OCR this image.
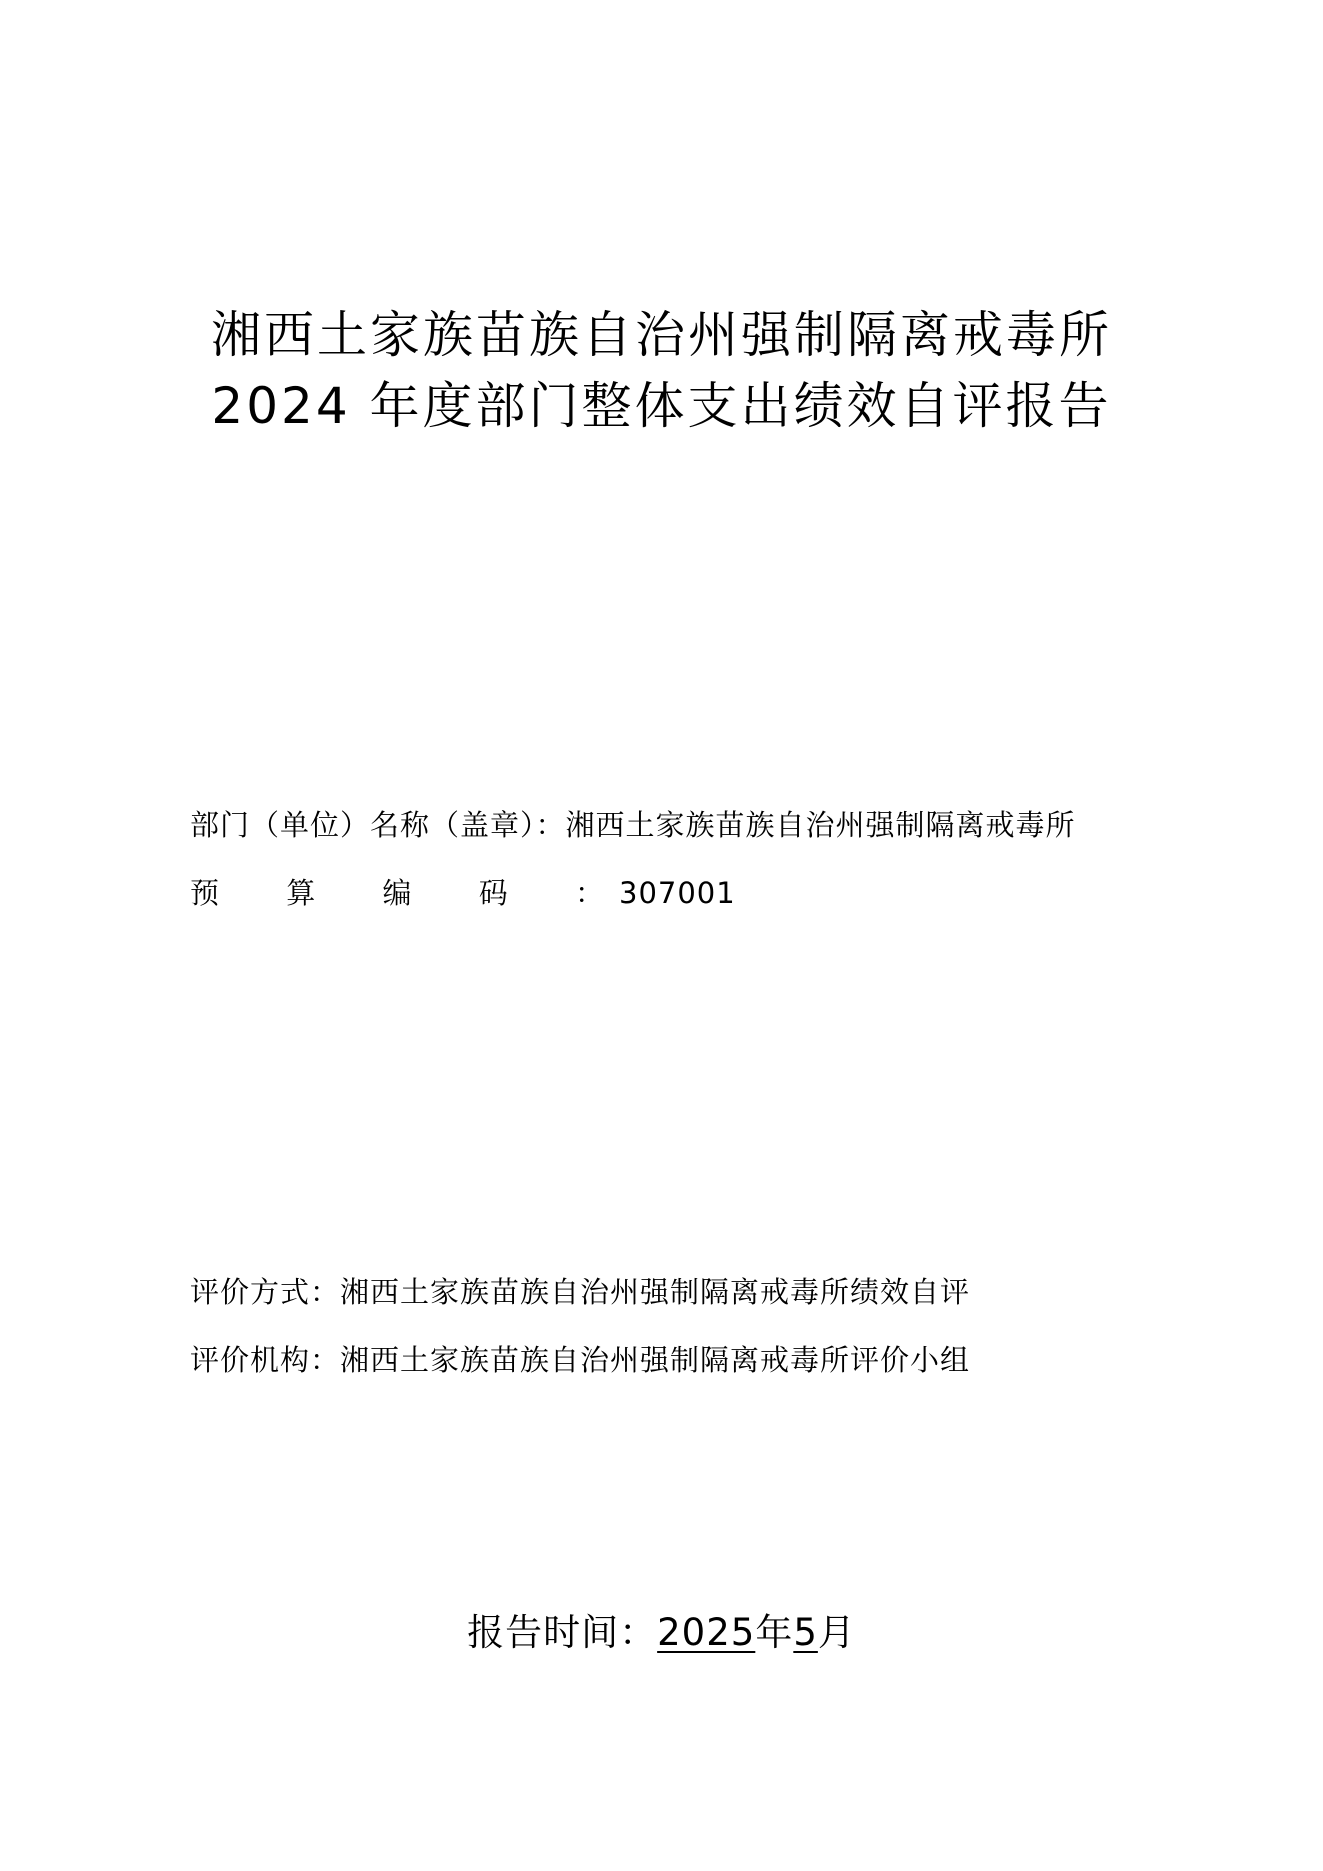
湘西土家族苗族自治州强制隔离戒毒所
2024 年度部门整体支出绩效自评报告
部门（单位）名称（盖章）：湘西土家族苗族自治州强制隔离戒毒所
预算编码： 307001
评价方式：湘西土家族苗族自治州强制隔离戒毒所绩效自评
评价机构：湘西土家族苗族自治州强制隔离戒毒所评价小组
报告时间：2025年5月
